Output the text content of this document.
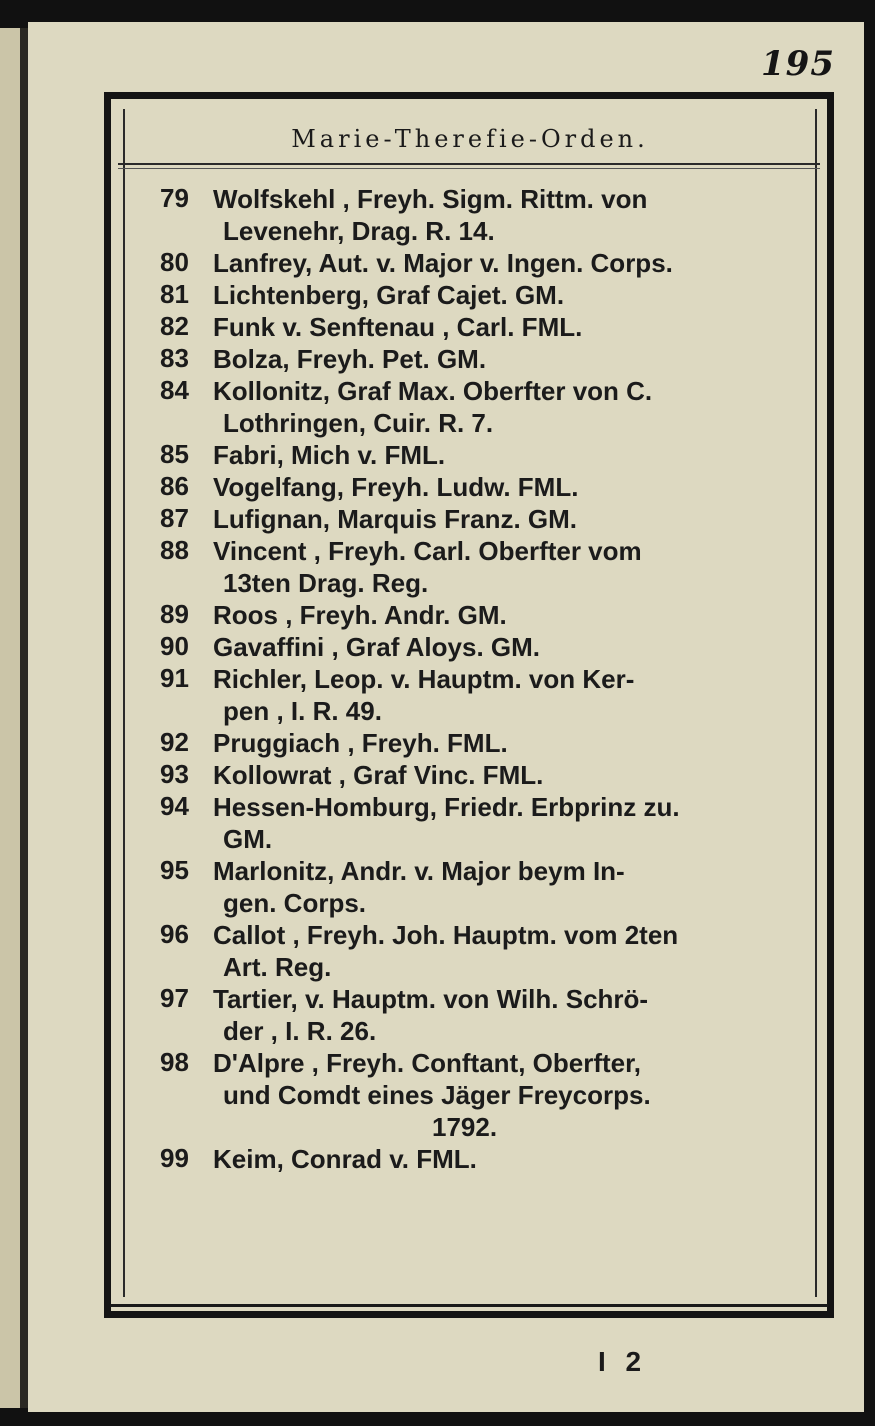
195
Marie-Therefie-Orden.
79 Wolfskehl , Freyh. Sigm. Rittm. von
Levenehr, Drag. R. 14.
80 Lanfrey, Aut. v. Major v. Ingen. Corps.
81 Lichtenberg, Graf Cajet. GM.
82 Funk v. Senftenau , Carl. FML.
83 Bolza, Freyh. Pet. GM.
84 Kollonitz, Graf Max. Oberfter von C.
Lothringen, Cuir. R. 7.
85 Fabri, Mich v. FML.
86 Vogelfang, Freyh. Ludw. FML.
87 Lufignan, Marquis Franz. GM.
88 Vincent , Freyh. Carl. Oberfter vom
13ten Drag. Reg.
89 Roos , Freyh. Andr. GM.
90 Gavaffini , Graf Aloys. GM.
91 Richler, Leop. v. Hauptm. von Ker-
pen , I. R. 49.
92 Pruggiach , Freyh. FML.
93 Kollowrat , Graf Vinc. FML.
94 Hessen-Homburg, Friedr. Erbprinz zu.
GM.
95 Marlonitz, Andr. v. Major beym In-
gen. Corps.
96 Callot , Freyh. Joh. Hauptm. vom 2ten
Art. Reg.
97 Tartier, v. Hauptm. von Wilh. Schrö-
der , I. R. 26.
98 D'Alpre , Freyh. Conftant, Oberfter,
und Comdt eines Jäger Freycorps.
1792.
99 Keim, Conrad v. FML.
I 2
